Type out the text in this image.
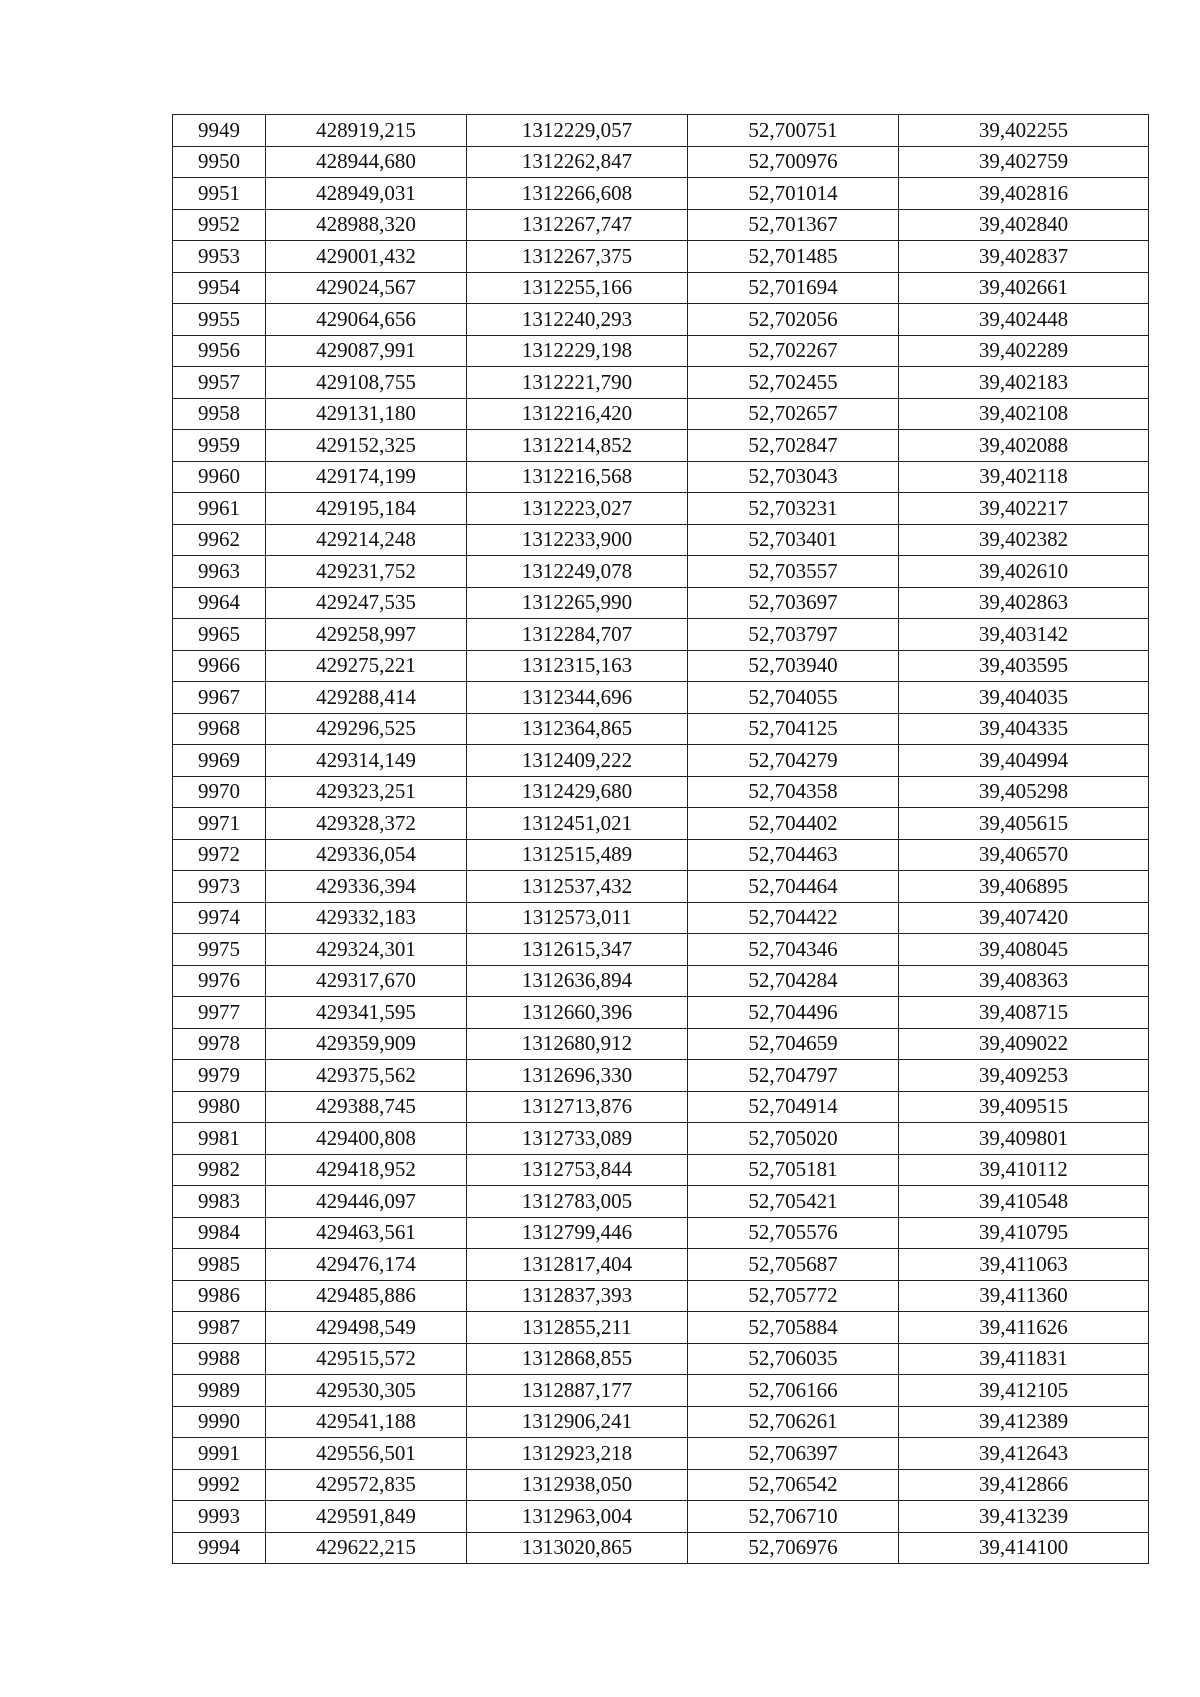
9949	428919,215	1312229,057	52,700751	39,402255
9950	428944,680	1312262,847	52,700976	39,402759
9951	428949,031	1312266,608	52,701014	39,402816
9952	428988,320	1312267,747	52,701367	39,402840
9953	429001,432	1312267,375	52,701485	39,402837
9954	429024,567	1312255,166	52,701694	39,402661
9955	429064,656	1312240,293	52,702056	39,402448
9956	429087,991	1312229,198	52,702267	39,402289
9957	429108,755	1312221,790	52,702455	39,402183
9958	429131,180	1312216,420	52,702657	39,402108
9959	429152,325	1312214,852	52,702847	39,402088
9960	429174,199	1312216,568	52,703043	39,402118
9961	429195,184	1312223,027	52,703231	39,402217
9962	429214,248	1312233,900	52,703401	39,402382
9963	429231,752	1312249,078	52,703557	39,402610
9964	429247,535	1312265,990	52,703697	39,402863
9965	429258,997	1312284,707	52,703797	39,403142
9966	429275,221	1312315,163	52,703940	39,403595
9967	429288,414	1312344,696	52,704055	39,404035
9968	429296,525	1312364,865	52,704125	39,404335
9969	429314,149	1312409,222	52,704279	39,404994
9970	429323,251	1312429,680	52,704358	39,405298
9971	429328,372	1312451,021	52,704402	39,405615
9972	429336,054	1312515,489	52,704463	39,406570
9973	429336,394	1312537,432	52,704464	39,406895
9974	429332,183	1312573,011	52,704422	39,407420
9975	429324,301	1312615,347	52,704346	39,408045
9976	429317,670	1312636,894	52,704284	39,408363
9977	429341,595	1312660,396	52,704496	39,408715
9978	429359,909	1312680,912	52,704659	39,409022
9979	429375,562	1312696,330	52,704797	39,409253
9980	429388,745	1312713,876	52,704914	39,409515
9981	429400,808	1312733,089	52,705020	39,409801
9982	429418,952	1312753,844	52,705181	39,410112
9983	429446,097	1312783,005	52,705421	39,410548
9984	429463,561	1312799,446	52,705576	39,410795
9985	429476,174	1312817,404	52,705687	39,411063
9986	429485,886	1312837,393	52,705772	39,411360
9987	429498,549	1312855,211	52,705884	39,411626
9988	429515,572	1312868,855	52,706035	39,411831
9989	429530,305	1312887,177	52,706166	39,412105
9990	429541,188	1312906,241	52,706261	39,412389
9991	429556,501	1312923,218	52,706397	39,412643
9992	429572,835	1312938,050	52,706542	39,412866
9993	429591,849	1312963,004	52,706710	39,413239
9994	429622,215	1313020,865	52,706976	39,414100
